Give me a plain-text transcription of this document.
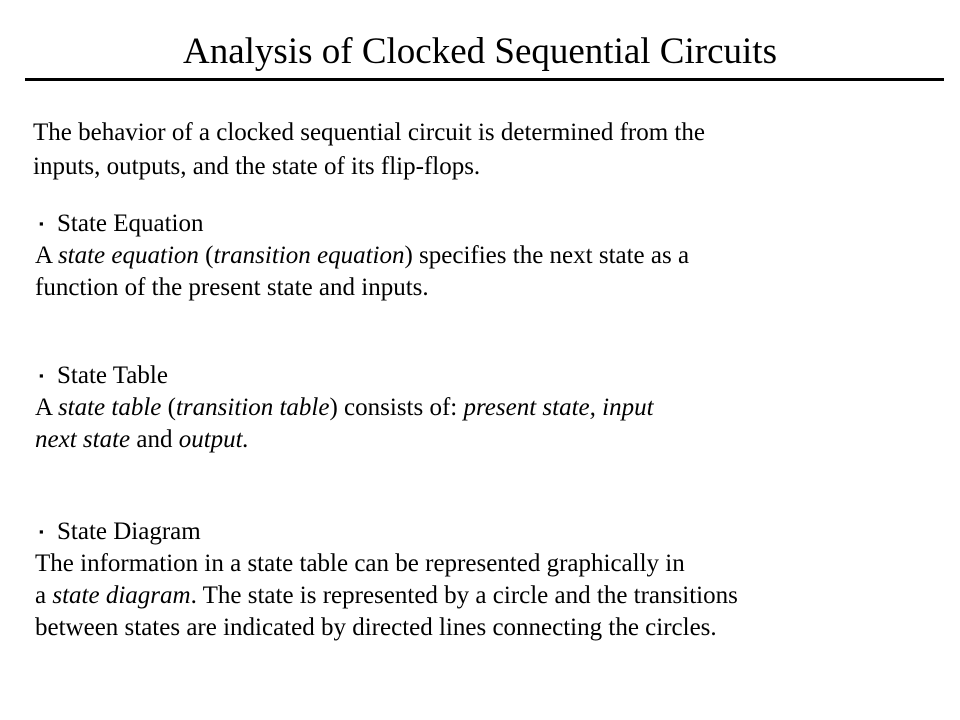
Analysis of Clocked Sequential Circuits
The behavior of a clocked sequential circuit is determined from the
inputs, outputs, and the state of its flip-flops.
▪ State Equation
A state equation (transition equation) specifies the next state as a
function of the present state and inputs.
▪ State Table
A state table (transition table) consists of: present state, input
next state and output.
▪ State Diagram
The information in a state table can be represented graphically in
a state diagram. The state is represented by a circle and the transitions
between states are indicated by directed lines connecting the circles.
